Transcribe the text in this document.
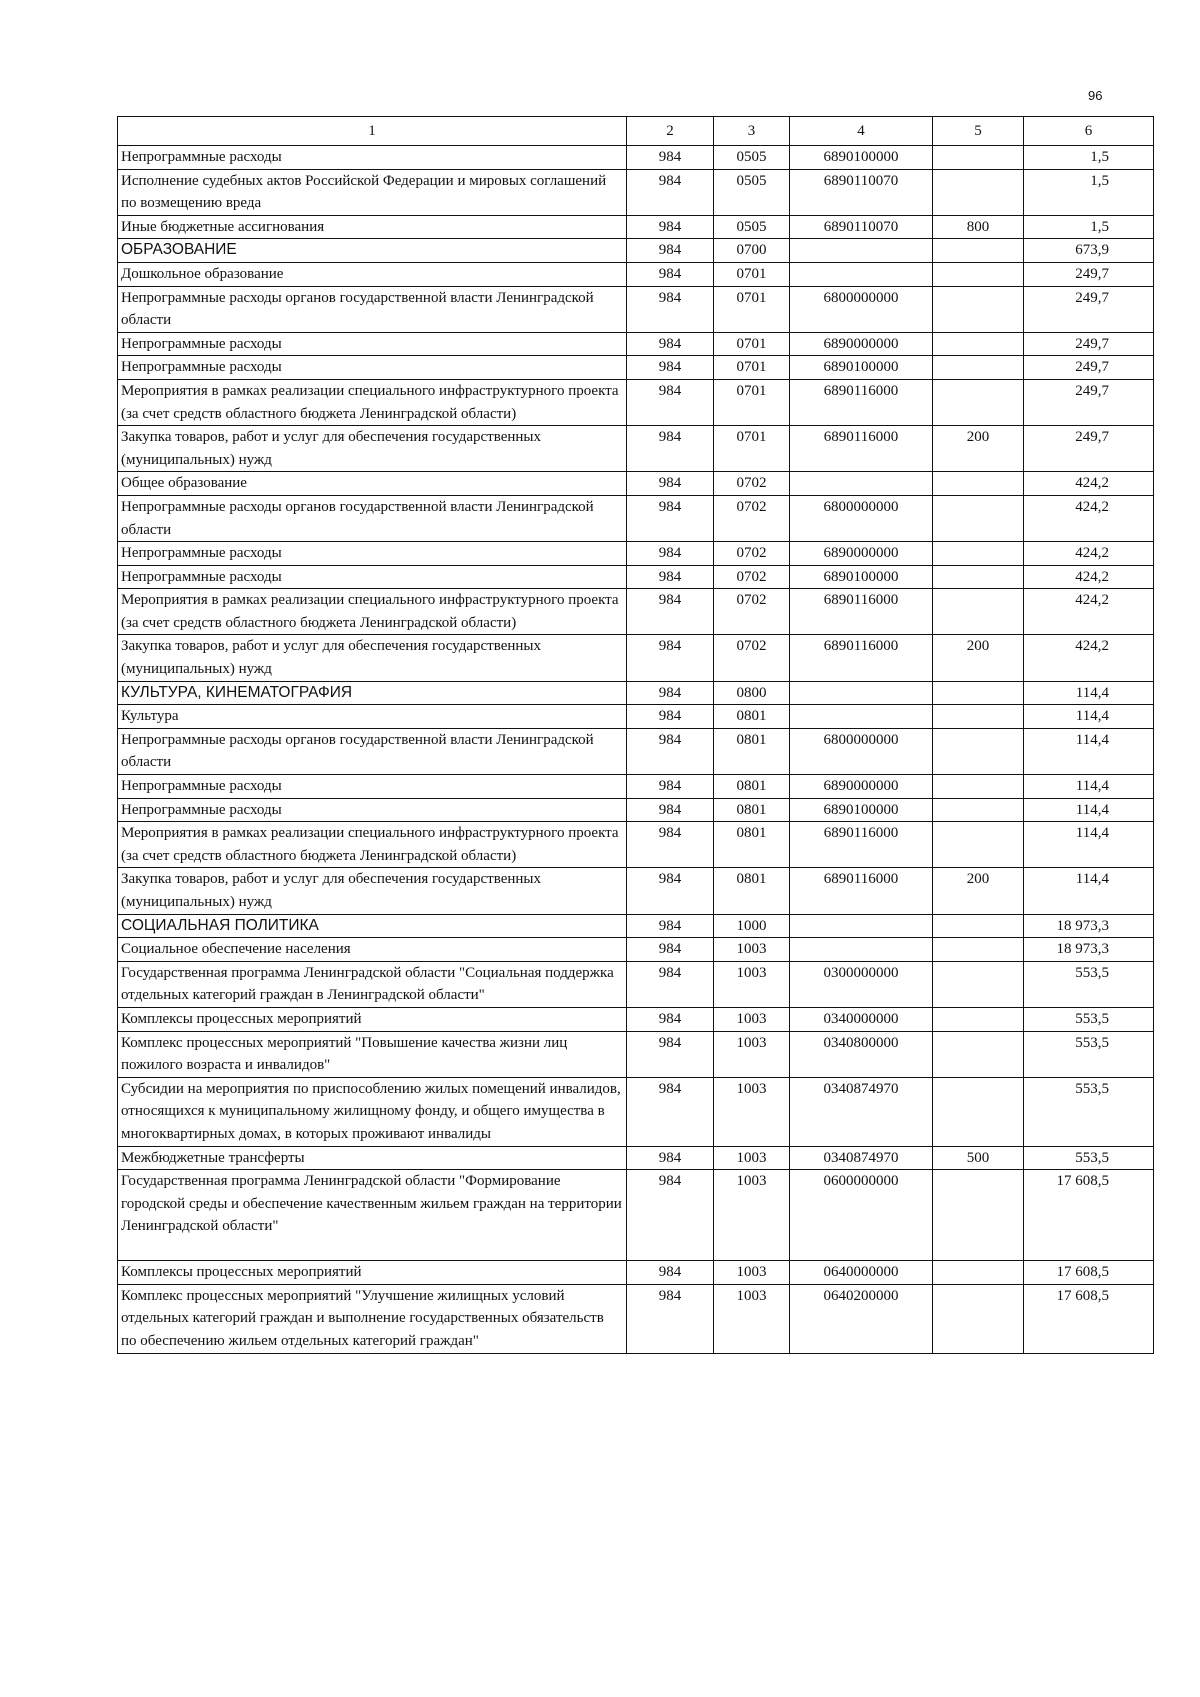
96
1	2	3	4	5	6
Непрограммные расходы	984	0505	6890100000		1,5
Исполнение судебных актов Российской Федерации и мировых соглашений по возмещению вреда	984	0505	6890110070		1,5
Иные бюджетные ассигнования	984	0505	6890110070	800	1,5
ОБРАЗОВАНИЕ	984	0700			673,9
Дошкольное образование	984	0701			249,7
Непрограммные расходы органов государственной власти Ленинградской области	984	0701	6800000000		249,7
Непрограммные расходы	984	0701	6890000000		249,7
Непрограммные расходы	984	0701	6890100000		249,7
Мероприятия в рамках реализации специального инфраструктурного проекта (за счет средств областного бюджета Ленинградской области)	984	0701	6890116000		249,7
Закупка товаров, работ и услуг для обеспечения государственных (муниципальных) нужд	984	0701	6890116000	200	249,7
Общее образование	984	0702			424,2
Непрограммные расходы органов государственной власти Ленинградской области	984	0702	6800000000		424,2
Непрограммные расходы	984	0702	6890000000		424,2
Непрограммные расходы	984	0702	6890100000		424,2
Мероприятия в рамках реализации специального инфраструктурного проекта (за счет средств областного бюджета Ленинградской области)	984	0702	6890116000		424,2
Закупка товаров, работ и услуг для обеспечения государственных (муниципальных) нужд	984	0702	6890116000	200	424,2
КУЛЬТУРА, КИНЕМАТОГРАФИЯ	984	0800			114,4
Культура	984	0801			114,4
Непрограммные расходы органов государственной власти Ленинградской области	984	0801	6800000000		114,4
Непрограммные расходы	984	0801	6890000000		114,4
Непрограммные расходы	984	0801	6890100000		114,4
Мероприятия в рамках реализации специального инфраструктурного проекта (за счет средств областного бюджета Ленинградской области)	984	0801	6890116000		114,4
Закупка товаров, работ и услуг для обеспечения государственных (муниципальных) нужд	984	0801	6890116000	200	114,4
СОЦИАЛЬНАЯ ПОЛИТИКА	984	1000			18 973,3
Социальное обеспечение населения	984	1003			18 973,3
Государственная программа Ленинградской области "Социальная поддержка отдельных категорий граждан в Ленинградской области"	984	1003	0300000000		553,5
Комплексы процессных мероприятий	984	1003	0340000000		553,5
Комплекс процессных мероприятий "Повышение качества жизни лиц пожилого возраста и инвалидов"	984	1003	0340800000		553,5
Субсидии на мероприятия по приспособлению жилых помещений инвалидов, относящихся к муниципальному жилищному фонду, и общего имущества в многоквартирных домах, в которых проживают инвалиды	984	1003	0340874970		553,5
Межбюджетные трансферты	984	1003	0340874970	500	553,5
Государственная программа Ленинградской области "Формирование городской среды и обеспечение качественным жильем граждан на территории Ленинградской области"	984	1003	0600000000		17 608,5
Комплексы процессных мероприятий	984	1003	0640000000		17 608,5
Комплекс процессных мероприятий "Улучшение жилищных условий отдельных категорий граждан и выполнение государственных обязательств по обеспечению жильем отдельных категорий граждан"	984	1003	0640200000		17 608,5
